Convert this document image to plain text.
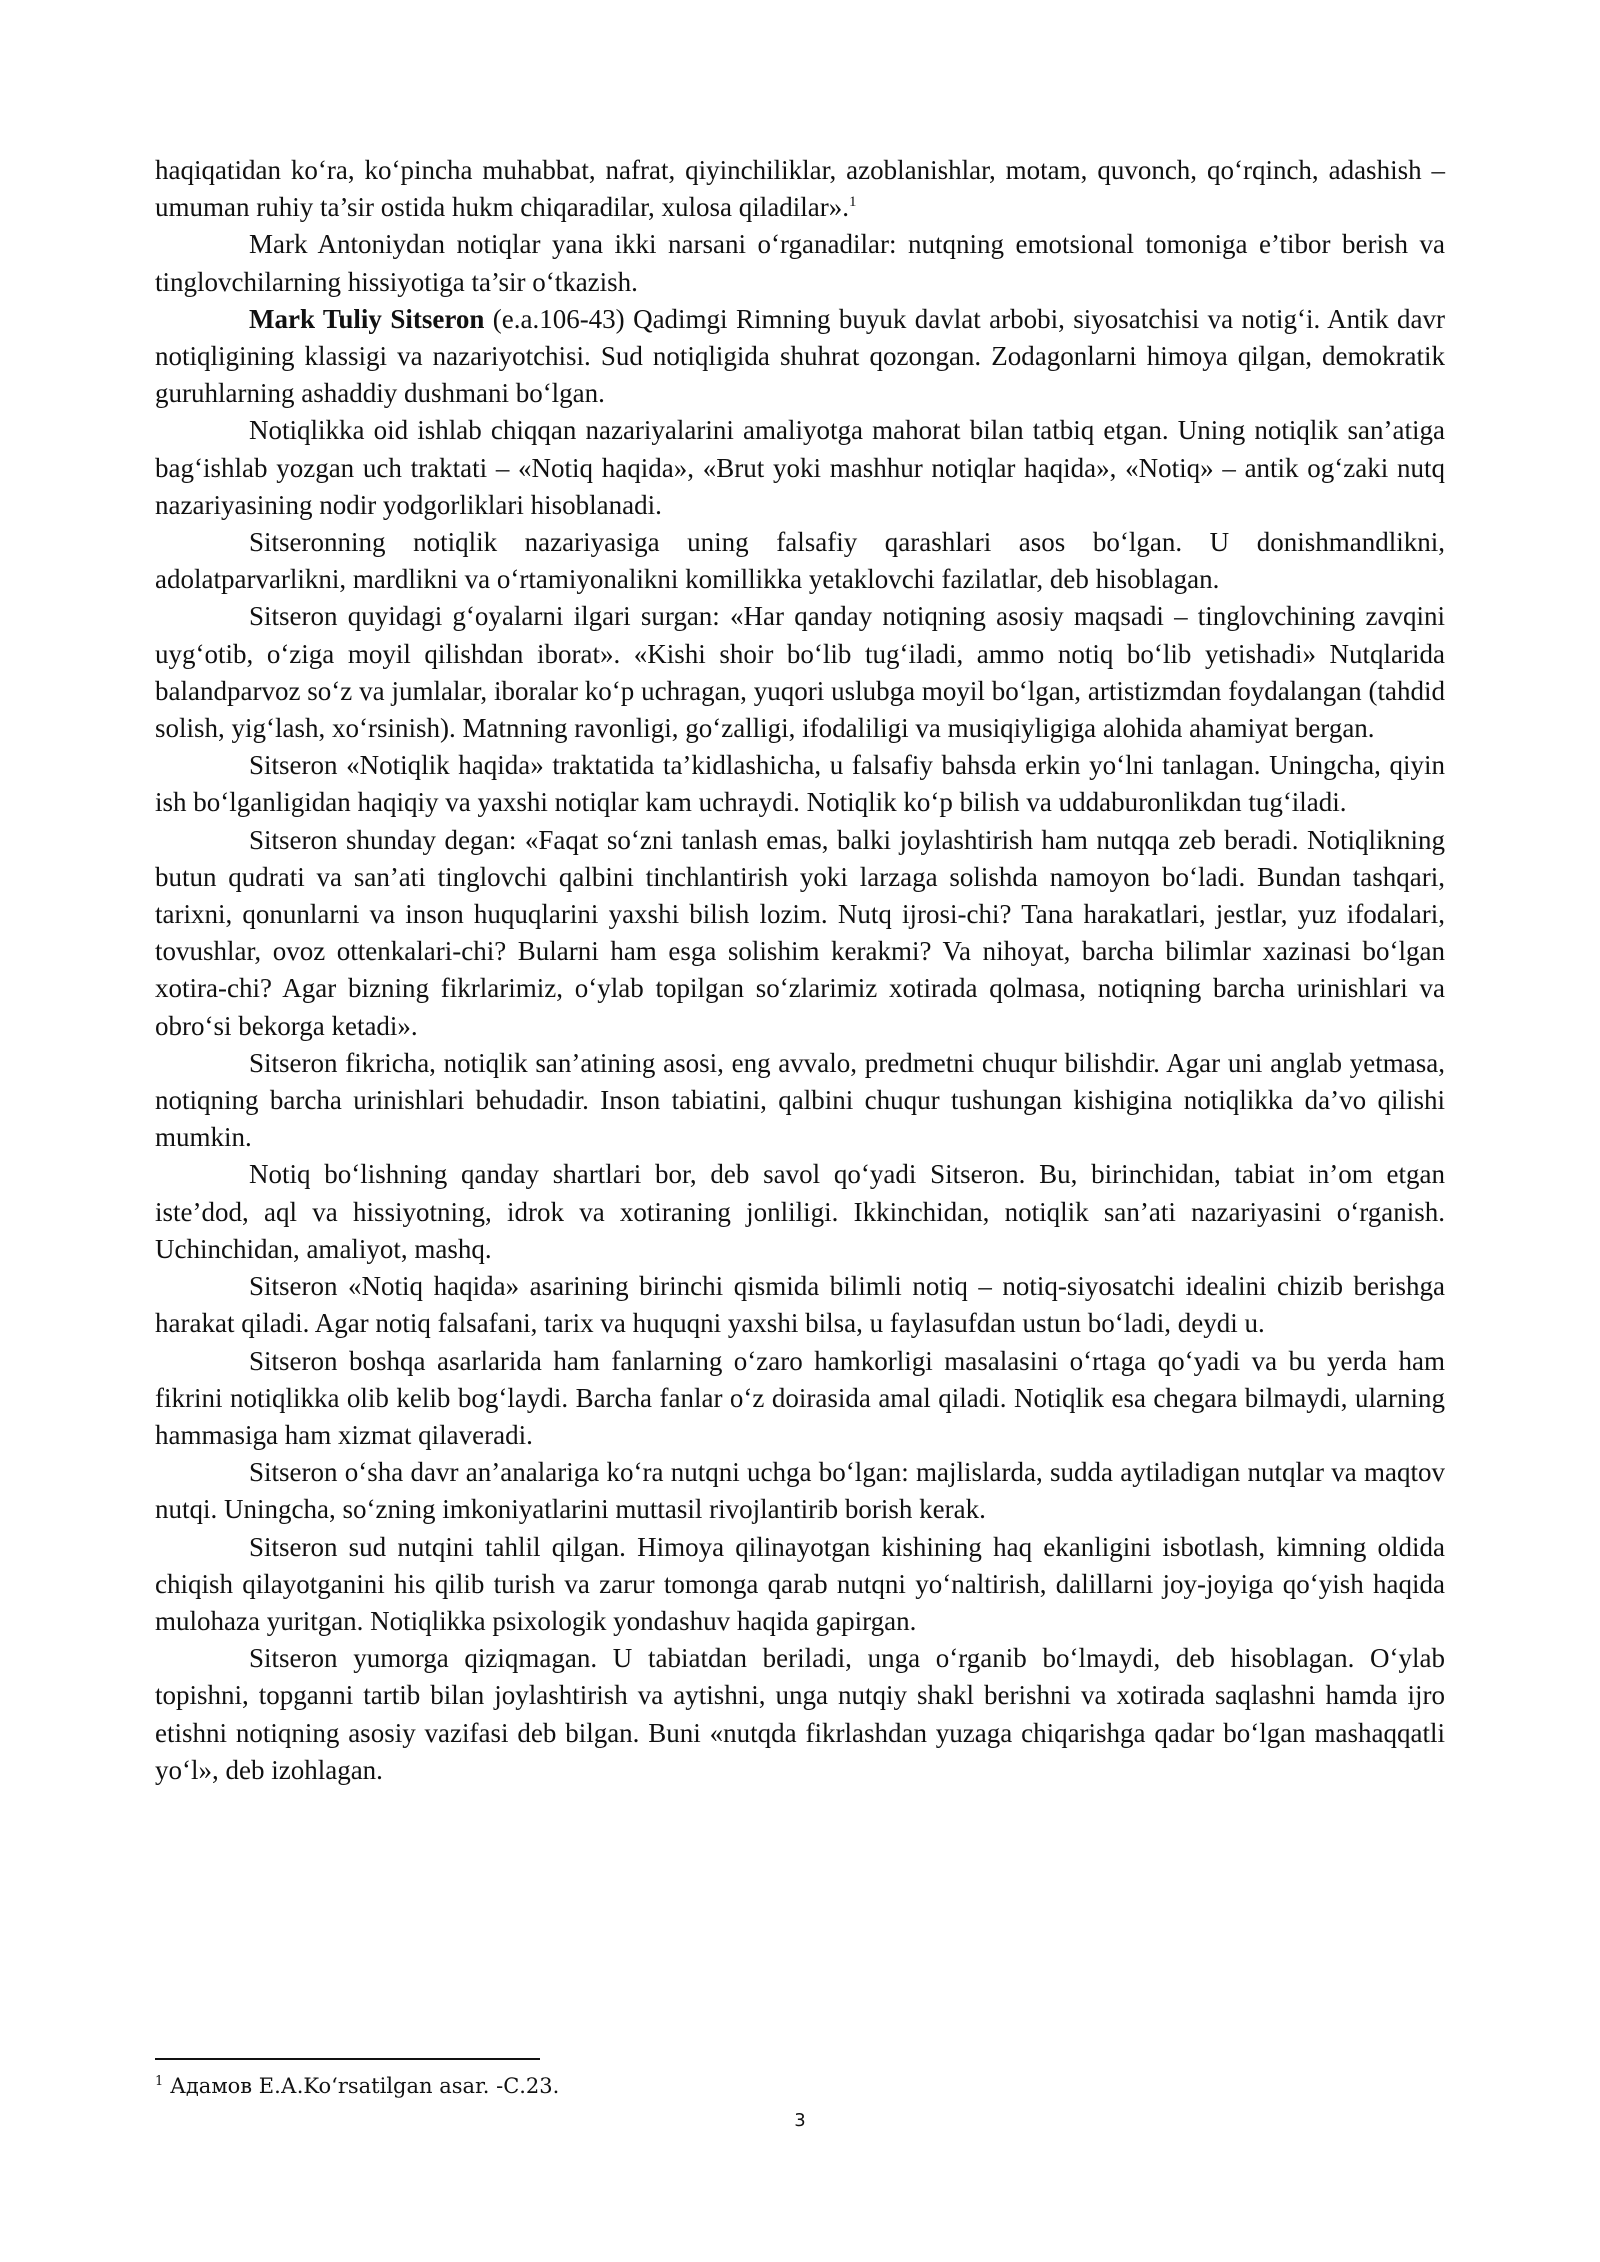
haqiqatidan ko‘ra, ko‘pincha muhabbat, nafrat, qiyinchiliklar, azoblanishlar, motam, quvonch, qo‘rqinch, adashish – umuman ruhiy ta’sir ostida hukm chiqaradilar, xulosa qiladilar».$^1$

Mark Antoniydan notiqlar yana ikki narsani o‘rganadilar: nutqning emotsional tomoniga e’tibor berish va tinglovchilarning hissiyotiga ta’sir o‘tkazish.

Mark Tuliy Sitseron (e.a.106-43) Qadimgi Rimning buyuk davlat arbobi, siyosatchisi va notig‘i. Antik davr notiqligining klassigi va nazariyotchisi. Sud notiqligida shuhrat qozongan. Zodagonlarni himoya qilgan, demokratik guruhlarning ashaddiy dushmani bo‘lgan.

Notiqlikka oid ishlab chiqqan nazariyalarini amaliyotga mahorat bilan tatbiq etgan. Uning notiqlik san’atiga bag‘ishlab yozgan uch traktati – «Notiq haqida», «Brut yoki mashhur notiqlar haqida», «Notiq» – antik og‘zaki nutq nazariyasining nodir yodgorliklari hisoblanadi.

Sitseronning notiqlik nazariyasiga uning falsafiy qarashlari asos bo‘lgan. U donishmandlikni, adolatparvarlikni, mardlikni va o‘rtamiyonalikni komillikka yetaklovchi fazilatlar, deb hisoblagan.

Sitseron quyidagi g‘oyalarni ilgari surgan: «Har qanday notiqning asosiy maqsadi – tinglovchining zavqini uyg‘otib, o‘ziga moyil qilishdan iborat». «Kishi shoir bo‘lib tug‘iladi, ammo notiq bo‘lib yetishadi» Nutqlarida balandparvoz so‘z va jumlalar, iboralar ko‘p uchragan, yuqori uslubga moyil bo‘lgan, artistizmdan foydalangan (tahdid solish, yig‘lash, xo‘rsinish). Matnning ravonligi, go‘zalligi, ifodaliligi va musiqiyligiga alohida ahamiyat bergan.

Sitseron «Notiqlik haqida» traktatida ta’kidlashicha, u falsafiy bahsda erkin yo‘lni tanlagan. Uningcha, qiyin ish bo‘lganligidan haqiqiy va yaxshi notiqlar kam uchraydi. Notiqlik ko‘p bilish va uddaburonlikdan tug‘iladi.

Sitseron shunday degan: «Faqat so‘zni tanlash emas, balki joylashtirish ham nutqqa zeb beradi. Notiqlikning butun qudrati va san’ati tinglovchi qalbini tinchlantirish yoki larzaga solishda namoyon bo‘ladi. Bundan tashqari, tarixni, qonunlarni va inson huquqlarini yaxshi bilish lozim. Nutq ijrosi-chi? Tana harakatlari, jestlar, yuz ifodalari, tovushlar, ovoz ottenkalari-chi? Bularni ham esga solishim kerakmi? Va nihoyat, barcha bilimlar xazinasi bo‘lgan xotira-chi? Agar bizning fikrlarimiz, o‘ylab topilgan so‘zlarimiz xotirada qolmasa, notiqning barcha urinishlari va obro‘si bekorga ketadi».

Sitseron fikricha, notiqlik san’atining asosi, eng avvalo, predmetni chuqur bilishdir. Agar uni anglab yetmasa, notiqning barcha urinishlari behudadir. Inson tabiatini, qalbini chuqur tushungan kishigina notiqlikka da’vo qilishi mumkin.

Notiq bo‘lishning qanday shartlari bor, deb savol qo‘yadi Sitseron. Bu, birinchidan, tabiat in’om etgan iste’dod, aql va hissiyotning, idrok va xotiraning jonliligi. Ikkinchidan, notiqlik san’ati nazariyasini o‘rganish. Uchinchidan, amaliyot, mashq.

Sitseron «Notiq haqida» asarining birinchi qismida bilimli notiq – notiq-siyosatchi idealini chizib berishga harakat qiladi. Agar notiq falsafani, tarix va huquqni yaxshi bilsa, u faylasufdan ustun bo‘ladi, deydi u.

Sitseron boshqa asarlarida ham fanlarning o‘zaro hamkorligi masalasini o‘rtaga qo‘yadi va bu yerda ham fikrini notiqlikka olib kelib bog‘laydi. Barcha fanlar o‘z doirasida amal qiladi. Notiqlik esa chegara bilmaydi, ularning hammasiga ham xizmat qilaveradi.

Sitseron o‘sha davr an’analariga ko‘ra nutqni uchga bo‘lgan: majlislarda, sudda aytiladigan nutqlar va maqtov nutqi. Uningcha, so‘zning imkoniyatlarini muttasil rivojlantirib borish kerak.

Sitseron sud nutqini tahlil qilgan. Himoya qilinayotgan kishining haq ekanligini isbotlash, kimning oldida chiqish qilayotganini his qilib turish va zarur tomonga qarab nutqni yo‘naltirish, dalillarni joy-joyiga qo‘yish haqida mulohaza yuritgan. Notiqlikka psixologik yondashuv haqida gapirgan.

Sitseron yumorga qiziqmagan. U tabiatdan beriladi, unga o‘rganib bo‘lmaydi, deb hisoblagan. O‘ylab topishni, topganni tartib bilan joylashtirish va aytishni, unga nutqiy shakl berishni va xotirada saqlashni hamda ijro etishni notiqning asosiy vazifasi deb bilgan. Buni «nutqda fikrlashdan yuzaga chiqarishga qadar bo‘lgan mashaqqatli yo‘l», deb izohlagan.

$^1$ Адамов Е.А.Ko‘rsatilgan asar. -С.23.
3
